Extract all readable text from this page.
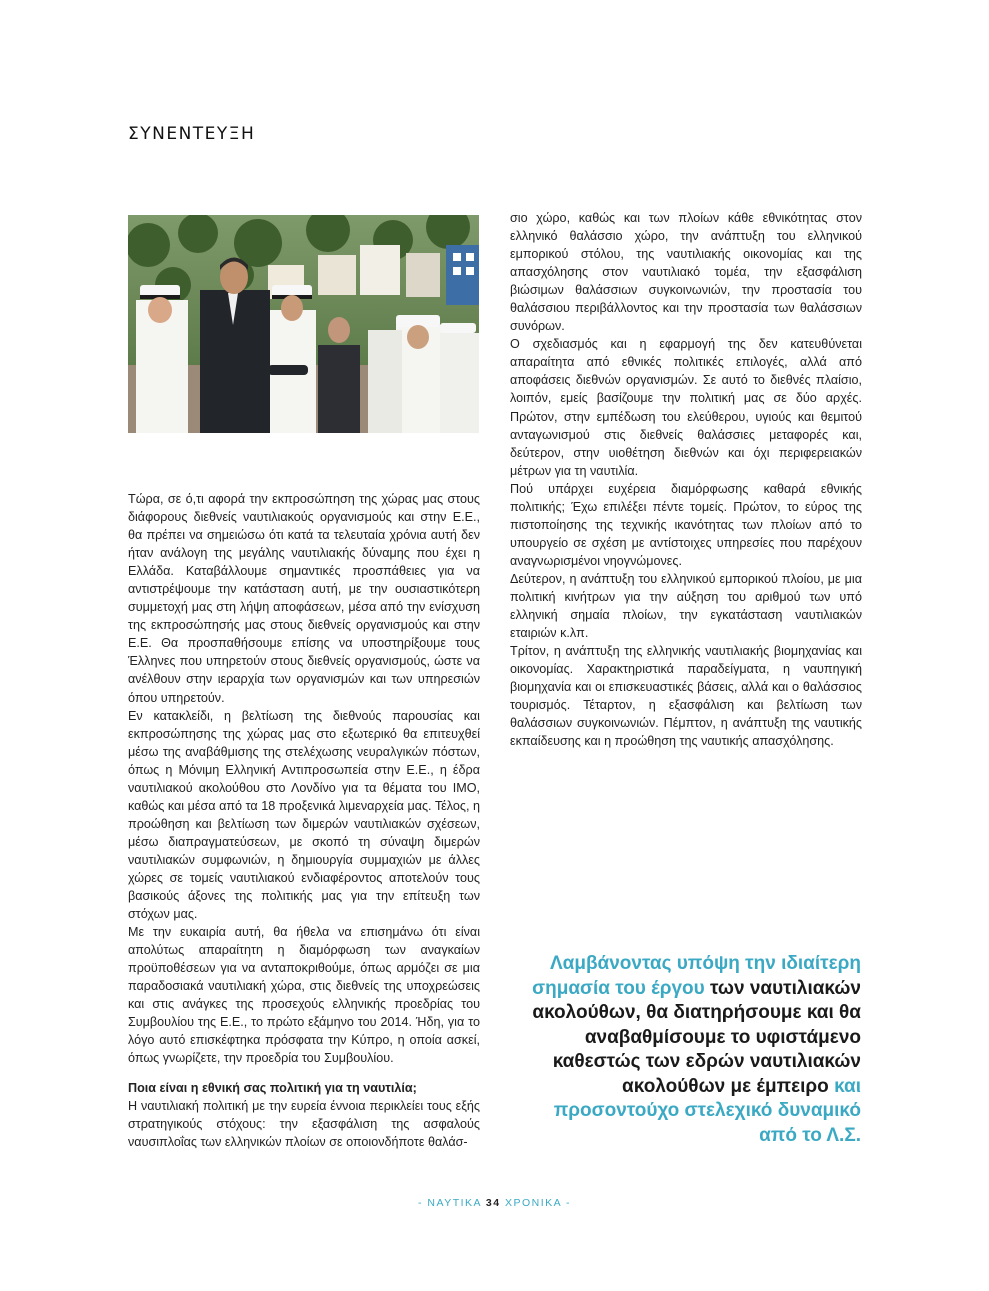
ΣΥΝΕΝΤΕΥΞΗ

Τώρα, σε ό,τι αφορά την εκπροσώπηση της χώρας μας στους διάφορους διεθνείς ναυτιλιακούς οργανισμούς και στην Ε.Ε., θα πρέπει να σημειώσω ότι κατά τα τελευταία χρόνια αυτή δεν ήταν ανάλογη της μεγάλης ναυτιλιακής δύναμης που έχει η Ελλάδα. Καταβάλλουμε σημαντικές προσπάθειες για να αντιστρέψουμε την κατάσταση αυτή, με την ουσιαστικότερη συμμετοχή μας στη λήψη αποφάσεων, μέσα από την ενίσχυση της εκπροσώπησής μας στους διεθνείς οργανισμούς και στην Ε.Ε. Θα προσπαθήσουμε επίσης να υποστηρίξουμε τους Έλληνες που υπηρετούν στους διεθνείς οργανισμούς, ώστε να ανέλθουν στην ιεραρχία των οργανισμών και των υπηρεσιών όπου υπηρετούν.

Εν κατακλείδι, η βελτίωση της διεθνούς παρουσίας και εκπροσώπησης της χώρας μας στο εξωτερικό θα επιτευχθεί μέσω της αναβάθμισης της στελέχωσης νευραλγικών πόστων, όπως η Μόνιμη Ελληνική Αντιπροσωπεία στην Ε.Ε., η έδρα ναυτιλιακού ακολούθου στο Λονδίνο για τα θέματα του ΙΜΟ, καθώς και μέσα από τα 18 προξενικά λιμεναρχεία μας. Τέλος, η προώθηση και βελτίωση των διμερών ναυτιλιακών σχέσεων, μέσω διαπραγματεύσεων, με σκοπό τη σύναψη διμερών ναυτιλιακών συμφωνιών, η δημιουργία συμμαχιών με άλλες χώρες σε τομείς ναυτιλιακού ενδιαφέροντος αποτελούν τους βασικούς άξονες της πολιτικής μας για την επίτευξη των στόχων μας.

Με την ευκαιρία αυτή, θα ήθελα να επισημάνω ότι είναι απολύτως απαραίτητη η διαμόρφωση των αναγκαίων προϋποθέσεων για να ανταποκριθούμε, όπως αρμόζει σε μια παραδοσιακά ναυτιλιακή χώρα, στις διεθνείς της υποχρεώσεις και στις ανάγκες της προσεχούς ελληνικής προεδρίας του Συμβουλίου της Ε.Ε., το πρώτο εξάμηνο του 2014. Ήδη, για το λόγο αυτό επισκέφτηκα πρόσφατα την Κύπρο, η οποία ασκεί, όπως γνωρίζετε, την προεδρία του Συμβουλίου.

Ποια είναι η εθνική σας πολιτική για τη ναυτιλία;

Η ναυτιλιακή πολιτική με την ευρεία έννοια περικλείει τους εξής στρατηγικούς στόχους: την εξασφάλιση της ασφαλούς ναυσιπλοΐας των ελληνικών πλοίων σε οποιονδήποτε θαλάσ-

σιο χώρο, καθώς και των πλοίων κάθε εθνικότητας στον ελληνικό θαλάσσιο χώρο, την ανάπτυξη του ελληνικού εμπορικού στόλου, της ναυτιλιακής οικονομίας και της απασχόλησης στον ναυτιλιακό τομέα, την εξασφάλιση βιώσιμων θαλάσσιων συγκοινωνιών, την προστασία του θαλάσσιου περιβάλλοντος και την προστασία των θαλάσσιων συνόρων.

Ο σχεδιασμός και η εφαρμογή της δεν κατευθύνεται απαραίτητα από εθνικές πολιτικές επιλογές, αλλά από αποφάσεις διεθνών οργανισμών. Σε αυτό το διεθνές πλαίσιο, λοιπόν, εμείς βασίζουμε την πολιτική μας σε δύο αρχές. Πρώτον, στην εμπέδωση του ελεύθερου, υγιούς και θεμιτού ανταγωνισμού στις διεθνείς θαλάσσιες μεταφορές και, δεύτερον, στην υιοθέτηση διεθνών και όχι περιφερειακών μέτρων για τη ναυτιλία.

Πού υπάρχει ευχέρεια διαμόρφωσης καθαρά εθνικής πολιτικής; Έχω επιλέξει πέντε τομείς. Πρώτον, το εύρος της πιστοποίησης της τεχνικής ικανότητας των πλοίων από το υπουργείο σε σχέση με αντίστοιχες υπηρεσίες που παρέχουν αναγνωρισμένοι νηογνώμονες.

Δεύτερον, η ανάπτυξη του ελληνικού εμπορικού πλοίου, με μια πολιτική κινήτρων για την αύξηση του αριθμού των υπό ελληνική σημαία πλοίων, την εγκατάσταση ναυτιλιακών εταιριών κ.λπ.

Τρίτον, η ανάπτυξη της ελληνικής ναυτιλιακής βιομηχανίας και οικονομίας. Χαρακτηριστικά παραδείγματα, η ναυπηγική βιομηχανία και οι επισκευαστικές βάσεις, αλλά και ο θαλάσσιος τουρισμός. Τέταρτον, η εξασφάλιση και βελτίωση των θαλάσσιων συγκοινωνιών. Πέμπτον, η ανάπτυξη της ναυτικής εκπαίδευσης και η προώθηση της ναυτικής απασχόλησης.

Λαμβάνοντας υπόψη την ιδιαίτερη σημασία του έργου των ναυτιλιακών ακολούθων, θα διατηρήσουμε και θα αναβαθμίσουμε το υφιστάμενο καθεστώς των εδρών ναυτιλιακών ακολούθων με έμπειρο και προσοντούχο στελεχικό δυναμικό από το Λ.Σ.
- ΝΑΥΤΙΚΑ 34 ΧΡΟΝΙΚΑ -
